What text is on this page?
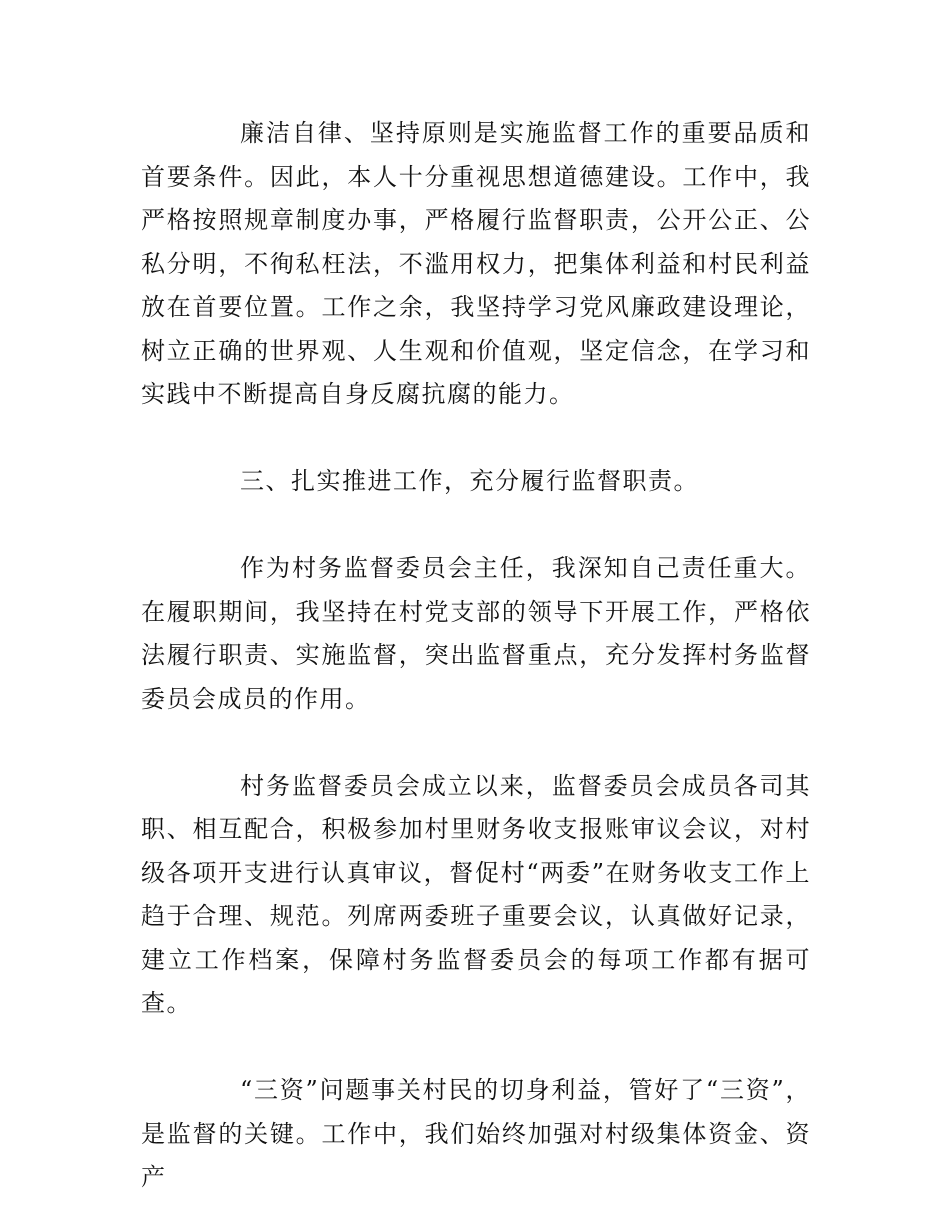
廉洁自律、坚持原则是实施监督工作的重要品质和首要条件。因此，本人十分重视思想道德建设。工作中，我严格按照规章制度办事，严格履行监督职责，公开公正、公私分明，不徇私枉法，不滥用权力，把集体利益和村民利益放在首要位置。工作之余，我坚持学习党风廉政建设理论，树立正确的世界观、人生观和价值观，坚定信念，在学习和实践中不断提高自身反腐抗腐的能力。

三、扎实推进工作，充分履行监督职责。

作为村务监督委员会主任，我深知自己责任重大。在履职期间，我坚持在村党支部的领导下开展工作，严格依法履行职责、实施监督，突出监督重点，充分发挥村务监督委员会成员的作用。

村务监督委员会成立以来，监督委员会成员各司其职、相互配合，积极参加村里财务收支报账审议会议，对村级各项开支进行认真审议，督促村“两委”在财务收支工作上趋于合理、规范。列席两委班子重要会议，认真做好记录，建立工作档案，保障村务监督委员会的每项工作都有据可查。

“三资”问题事关村民的切身利益，管好了“三资”，是监督的关键。工作中，我们始终加强对村级集体资金、资产
